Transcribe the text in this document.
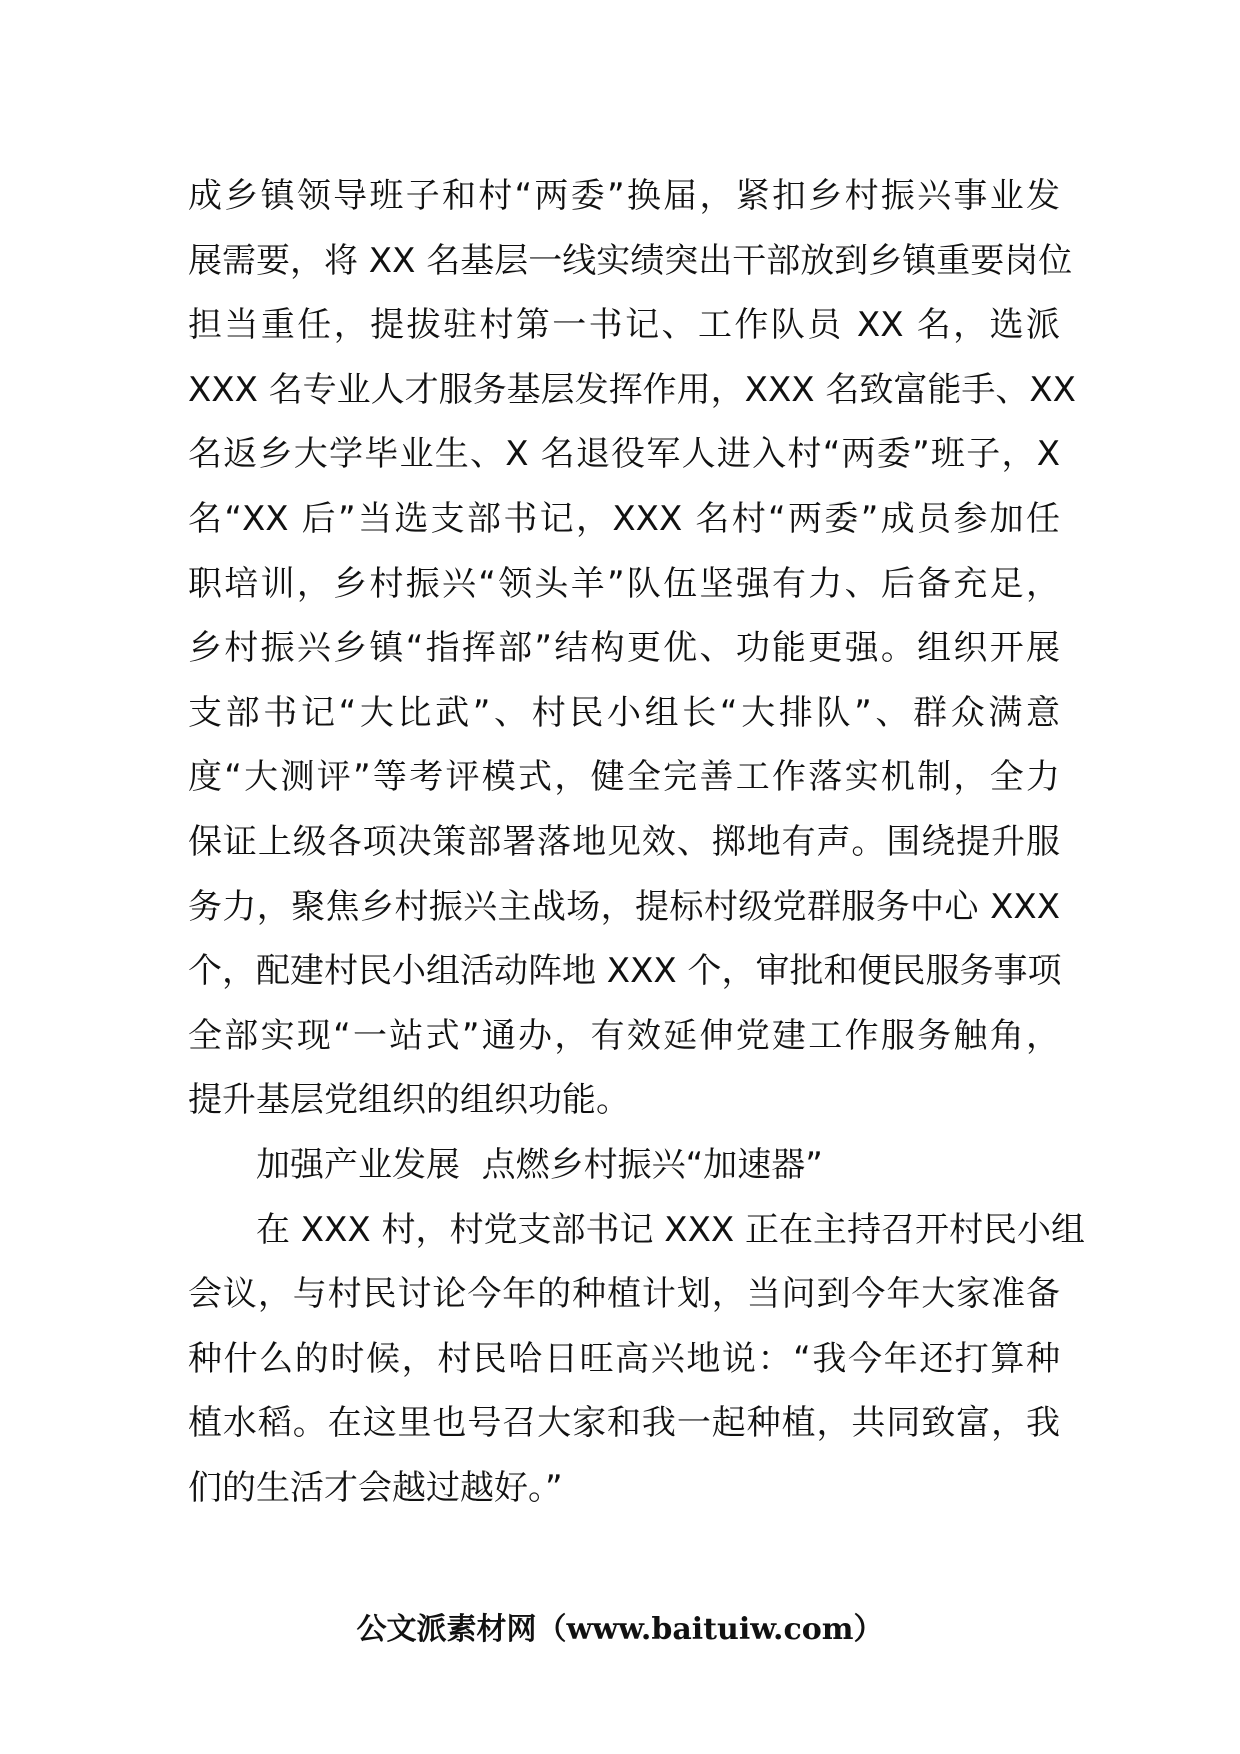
成乡镇领导班子和村“两委”换届，紧扣乡村振兴事业发
展需要，将 XX 名基层一线实绩突出干部放到乡镇重要岗位
担当重任，提拔驻村第一书记、工作队员 XX 名，选派
XXX 名专业人才服务基层发挥作用，XXX 名致富能手、XX
名返乡大学毕业生、X 名退役军人进入村“两委”班子，X
名“XX 后”当选支部书记，XXX 名村“两委”成员参加任
职培训，乡村振兴“领头羊”队伍坚强有力、后备充足，
乡村振兴乡镇“指挥部”结构更优、功能更强。组织开展
支部书记“大比武”、村民小组长“大排队”、群众满意
度“大测评”等考评模式，健全完善工作落实机制，全力
保证上级各项决策部署落地见效、掷地有声。围绕提升服
务力，聚焦乡村振兴主战场，提标村级党群服务中心 XXX
个，配建村民小组活动阵地 XXX 个，审批和便民服务事项
全部实现“一站式”通办，有效延伸党建工作服务触角，
提升基层党组织的组织功能。
加强产业发展  点燃乡村振兴“加速器”
在 XXX 村，村党支部书记 XXX 正在主持召开村民小组
会议，与村民讨论今年的种植计划，当问到今年大家准备
种什么的时候，村民哈日旺高兴地说：“我今年还打算种
植水稻。在这里也号召大家和我一起种植，共同致富，我
们的生活才会越过越好。”
公文派素材网（www.baituiw.com）
